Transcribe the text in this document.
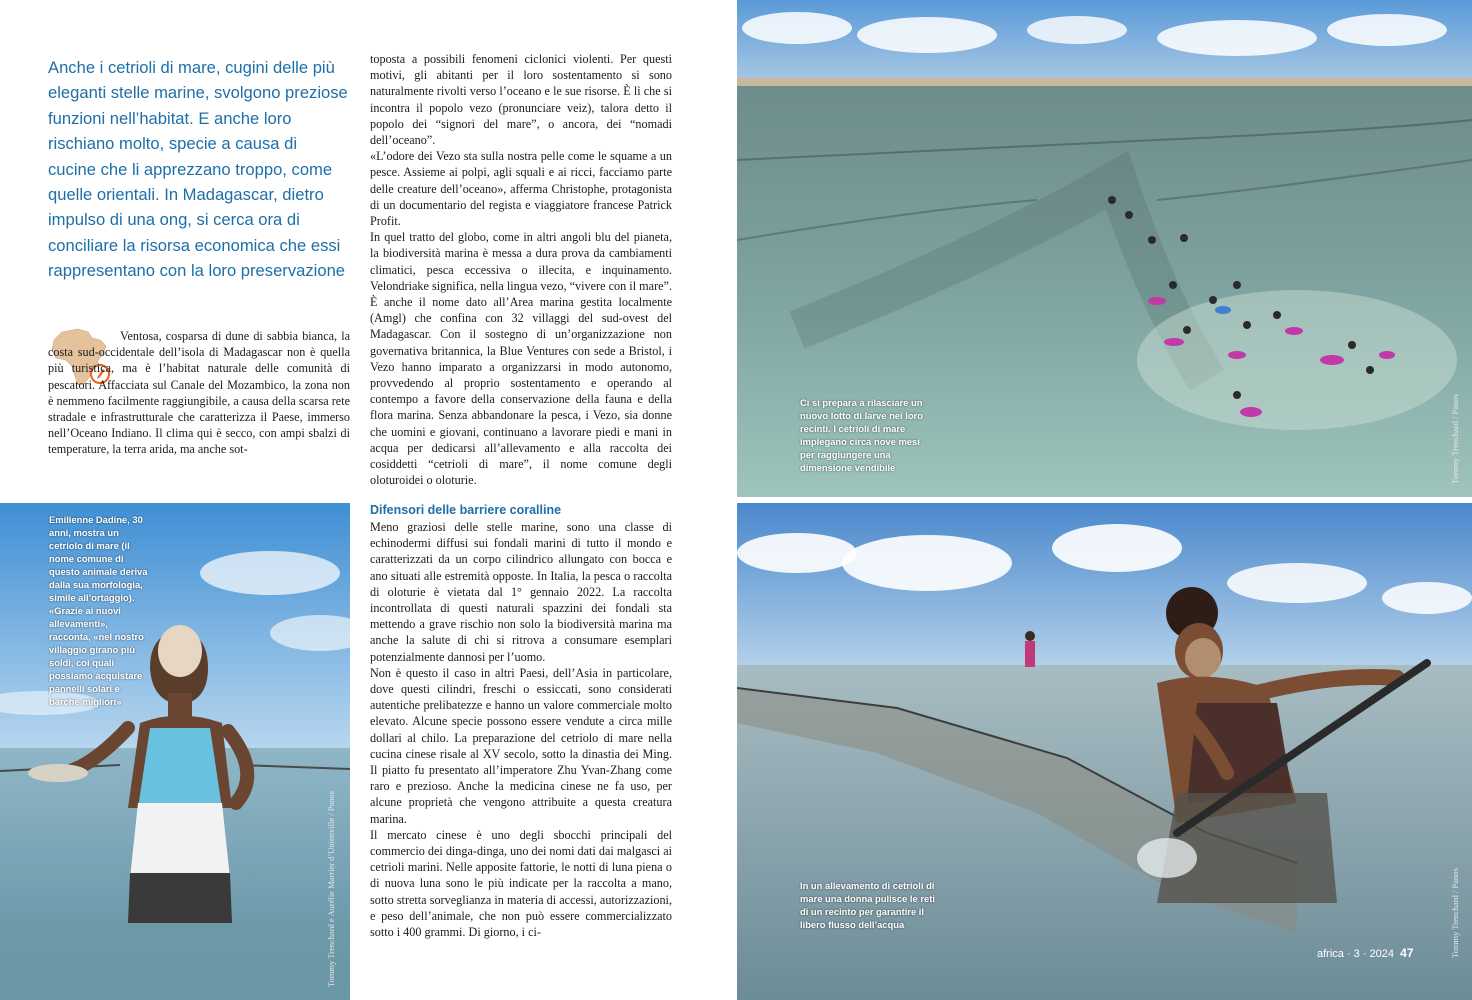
Anche i cetrioli di mare, cugini delle più eleganti stelle marine, svolgono preziose funzioni nell’habitat. E anche loro rischiano molto, specie a causa di cucine che li apprezzano troppo, come quelle orientali. In Madagascar, dietro impulso di una ong, si cerca ora di conciliare la risorsa economica che essi rappresentano con la loro preservazione

Ventosa, cosparsa di dune di sabbia bianca, la costa sud-occidentale dell’isola di Madagascar non è quella più turistica, ma è l’habitat naturale delle comunità di pescatori. Affacciata sul Canale del Mozambico, la zona non è nemmeno facilmente raggiungibile, a causa della scarsa rete stradale e infrastrutturale che caratterizza il Paese, immerso nell’Oceano Indiano. Il clima qui è secco, con ampi sbalzi di temperature, la terra arida, ma anche sot-

toposta a possibili fenomeni ciclonici violenti. Per questi motivi, gli abitanti per il loro sostentamento si sono naturalmente rivolti verso l’oceano e le sue risorse. È lì che si incontra il popolo vezo (pronunciare veiz), talora detto il popolo dei “signori del mare”, o ancora, dei “nomadi dell’oceano”.

«L’odore dei Vezo sta sulla nostra pelle come le squame a un pesce. Assieme ai polpi, agli squali e ai ricci, facciamo parte delle creature dell’oceano», afferma Christophe, protagonista di un documentario del regista e viaggiatore francese Patrick Profit.

In quel tratto del globo, come in altri angoli blu del pianeta, la biodiversità marina è messa a dura prova da cambiamenti climatici, pesca eccessiva o illecita, e inquinamento. Velondriake significa, nella lingua vezo, “vivere con il mare”. È anche il nome dato all’Area marina gestita localmente (Amgl) che confina con 32 villaggi del sud-ovest del Madagascar. Con il sostegno di un’organizzazione non governativa britannica, la Blue Ventures con sede a Bristol, i Vezo hanno imparato a organizzarsi in modo autonomo, provvedendo al proprio sostentamento e operando al contempo a favore della conservazione della fauna e della flora marina. Senza abbandonare la pesca, i Vezo, sia donne che uomini e giovani, continuano a lavorare piedi e mani in acqua per dedicarsi all’allevamento e alla raccolta dei cosiddetti “cetrioli di mare”, il nome comune degli oloturoidei o oloturie.

Difensori delle barriere coralline

Meno graziosi delle stelle marine, sono una classe di echinodermi diffusi sui fondali marini di tutto il mondo e caratterizzati da un corpo cilindrico allungato con bocca e ano situati alle estremità opposte. In Italia, la pesca o raccolta di oloturie è vietata dal 1° gennaio 2022. La raccolta incontrollata di questi naturali spazzini dei fondali sta mettendo a grave rischio non solo la biodiversità marina ma anche la salute di chi si ritrova a consumare esemplari potenzialmente dannosi per l’uomo.

Non è questo il caso in altri Paesi, dell’Asia in particolare, dove questi cilindri, freschi o essiccati, sono considerati autentiche prelibatezze e hanno un valore commerciale molto elevato. Alcune specie possono essere vendute a circa mille dollari al chilo. La preparazione del cetriolo di mare nella cucina cinese risale al XV secolo, sotto la dinastia dei Ming. Il piatto fu presentato all’imperatore Zhu Yvan-Zhang come raro e prezioso. Anche la medicina cinese ne fa uso, per alcune proprietà che vengono attribuite a questa creatura marina.

Il mercato cinese è uno degli sbocchi principali del commercio dei dinga-dinga, uno dei nomi dati dai malgasci ai cetrioli marini. Nelle apposite fattorie, le notti di luna piena o di nuova luna sono le più indicate per la raccolta a mano, sotto stretta sorveglianza in materia di accessi, autorizzazioni, e peso dell’animale, che non può essere commercializzato sotto i 400 grammi. Di giorno, i ci-

Emilienne Dadine, 30 anni, mostra un cetriolo di mare (il nome comune di questo animale deriva dalla sua morfologia, simile all’ortaggio). «Grazie ai nuovi allevamenti», racconta, «nel nostro villaggio girano più soldi, coi quali possiamo acquistare pannelli solari e barche migliori»

Tommy Trenchard e Aurélie Marrier d’Unienville / Panos

Ci si prepara a rilasciare un nuovo lotto di larve nei loro recinti. I cetrioli di mare impiegano circa nove mesi per raggiungere una dimensione vendibile	Tommy Trenchard / Panos

In un allevamento di cetrioli di mare una donna pulisce le reti di un recinto per garantire il libero flusso dell’acqua

africa · 3 · 2024 47	Tommy Trenchard / Panos
